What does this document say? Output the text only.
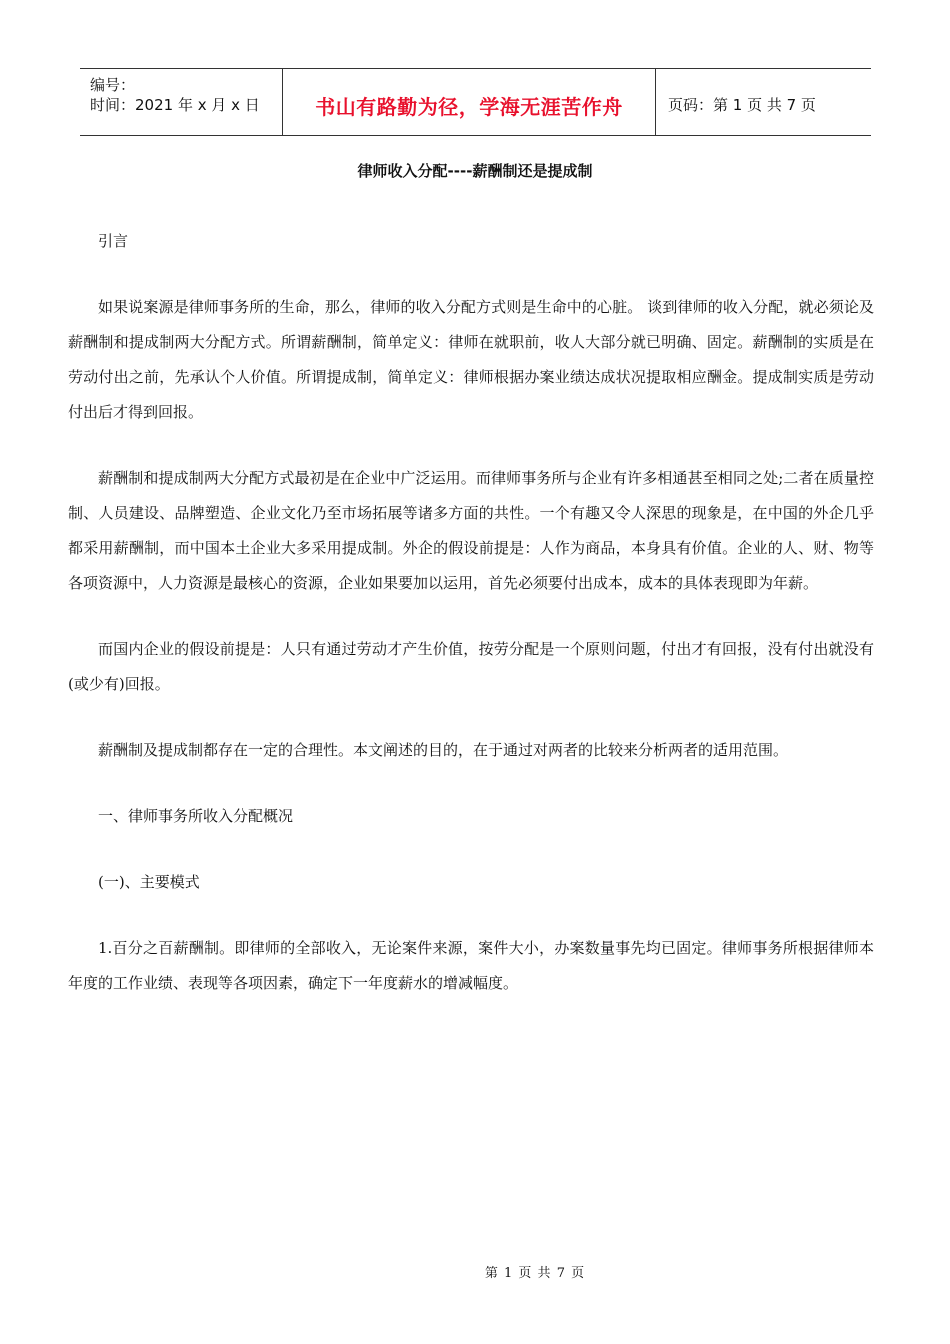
编号：
时间：2021 年 x 月 x 日	书山有路勤为径，学海无涯苦作舟	页码：第 1 页 共 7 页
律师收入分配----薪酬制还是提成制

引言

如果说案源是律师事务所的生命，那么，律师的收入分配方式则是生命中的心脏。 谈到律师的收入分配，就必须论及薪酬制和提成制两大分配方式。所谓薪酬制，简单定义：律师在就职前，收人大部分就已明确、固定。薪酬制的实质是在劳动付出之前，先承认个人价值。所谓提成制，简单定义：律师根据办案业绩达成状况提取相应酬金。提成制实质是劳动付出后才得到回报。

薪酬制和提成制两大分配方式最初是在企业中广泛运用。而律师事务所与企业有许多相通甚至相同之处;二者在质量控制、人员建设、品牌塑造、企业文化乃至市场拓展等诸多方面的共性。一个有趣又令人深思的现象是，在中国的外企几乎都采用薪酬制，而中国本土企业大多采用提成制。外企的假设前提是：人作为商品，本身具有价值。企业的人、财、物等各项资源中，人力资源是最核心的资源，企业如果要加以运用，首先必须要付出成本，成本的具体表现即为年薪。

而国内企业的假设前提是：人只有通过劳动才产生价值，按劳分配是一个原则问题，付出才有回报，没有付出就没有(或少有)回报。

薪酬制及提成制都存在一定的合理性。本文阐述的目的，在于通过对两者的比较来分析两者的适用范围。

一、律师事务所收入分配概况

(一)、主要模式

1.百分之百薪酬制。即律师的全部收入，无论案件来源，案件大小，办案数量事先均已固定。律师事务所根据律师本年度的工作业绩、表现等各项因素，确定下一年度薪水的增减幅度。

第 1 页 共 7 页
